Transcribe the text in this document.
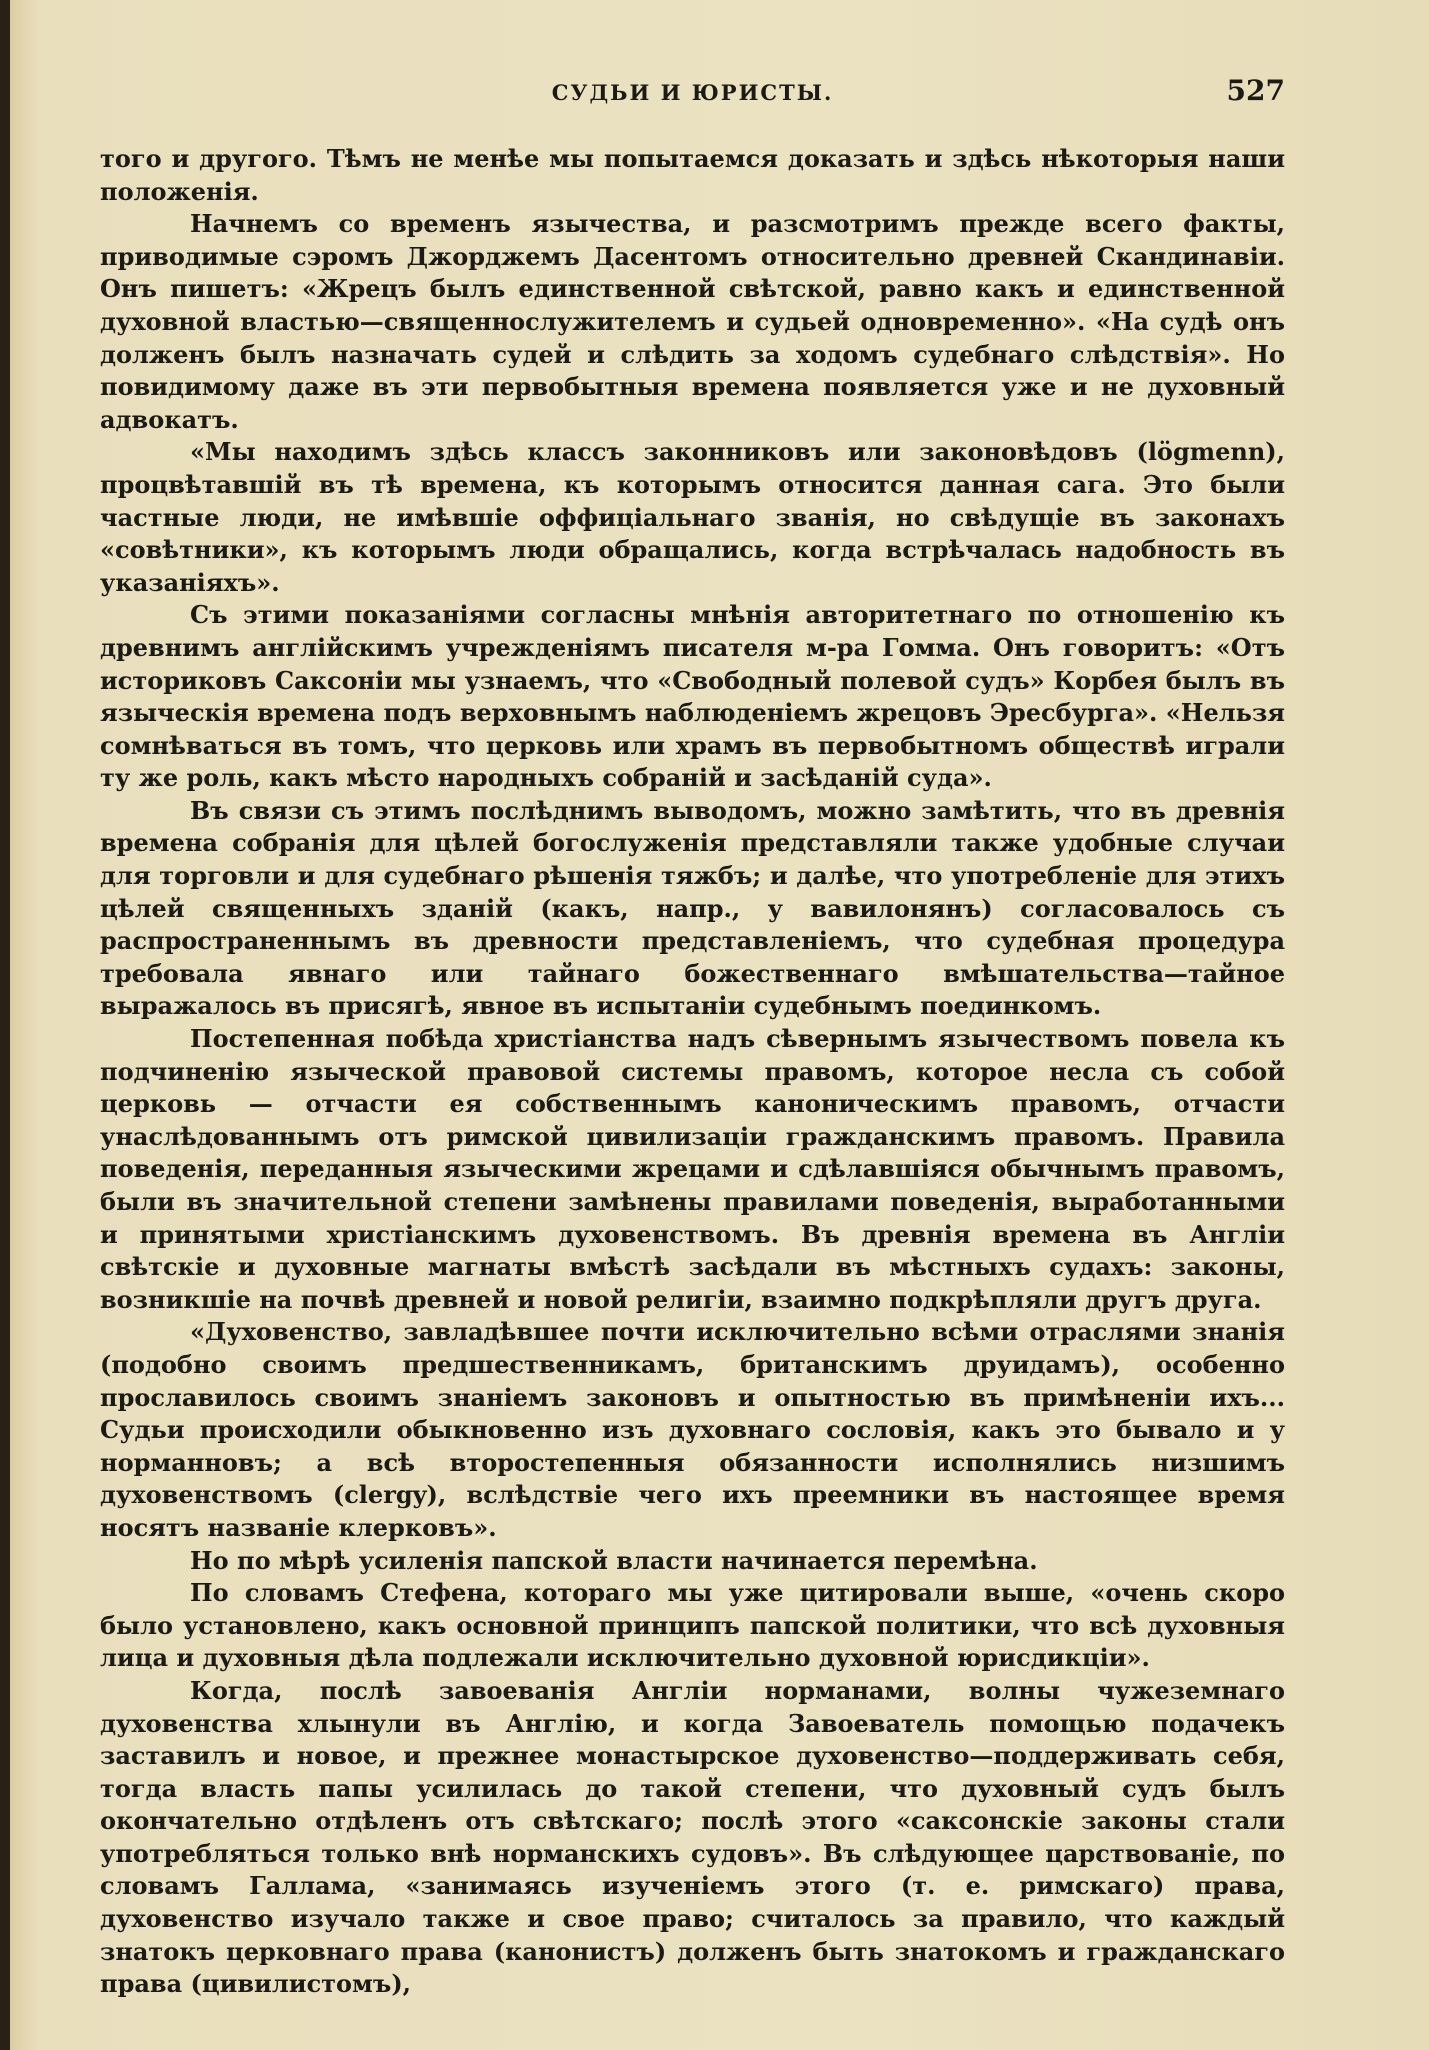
СУДЬИ И ЮРИСТЫ.	527

того и другого. Тѣмъ не менѣе мы попытаемся доказать и здѣсь нѣкоторыя наши положенія.

Начнемъ со временъ язычества, и разсмотримъ прежде всего факты, приводимые сэромъ Джорджемъ Дасентомъ относительно древней Скандинавіи. Онъ пишетъ: «Жрецъ былъ единственной свѣтской, равно какъ и единственной духовной властью—священнослужителемъ и судьей одновременно». «На судѣ онъ долженъ былъ назначать судей и слѣдить за ходомъ судебнаго слѣдствія». Но повидимому даже въ эти первобытныя времена появляется уже и не духовный адвокатъ.

«Мы находимъ здѣсь классъ законниковъ или законовѣдовъ (lögmenn), процвѣтавшій въ тѣ времена, къ которымъ относится данная сага. Это были частные люди, не имѣвшіе оффиціальнаго званія, но свѣдущіе въ законахъ «совѣтники», къ которымъ люди обращались, когда встрѣчалась надобность въ указаніяхъ».

Съ этими показаніями согласны мнѣнія авторитетнаго по отношенію къ древнимъ англійскимъ учрежденіямъ писателя м-ра Гомма. Онъ говоритъ: «Отъ историковъ Саксоніи мы узнаемъ, что «Свободный полевой судъ» Корбея былъ въ языческія времена подъ верховнымъ наблюденіемъ жрецовъ Эресбурга». «Нельзя сомнѣваться въ томъ, что церковь или храмъ въ первобытномъ обществѣ играли ту же роль, какъ мѣсто народныхъ собраній и засѣданій суда».

Въ связи съ этимъ послѣднимъ выводомъ, можно замѣтить, что въ древнія времена собранія для цѣлей богослуженія представляли также удобные случаи для торговли и для судебнаго рѣшенія тяжбъ; и далѣе, что употребленіе для этихъ цѣлей священныхъ зданій (какъ, напр., у вавилонянъ) согласовалось съ распространеннымъ въ древности представленіемъ, что судебная процедура требовала явнаго или тайнаго божественнаго вмѣшательства—тайное выражалось въ присягѣ, явное въ испытаніи судебнымъ поединкомъ.

Постепенная побѣда христіанства надъ сѣвернымъ язычествомъ повела къ подчиненію языческой правовой системы правомъ, которое несла съ собой церковь — отчасти ея собственнымъ каноническимъ правомъ, отчасти унаслѣдованнымъ отъ римской цивилизаціи гражданскимъ правомъ. Правила поведенія, переданныя языческими жрецами и сдѣлавшіяся обычнымъ правомъ, были въ значительной степени замѣнены правилами поведенія, выработанными и принятыми христіанскимъ духовенствомъ. Въ древнія времена въ Англіи свѣтскіе и духовные магнаты вмѣстѣ засѣдали въ мѣстныхъ судахъ: законы, возникшіе на почвѣ древней и новой религіи, взаимно подкрѣпляли другъ друга.

«Духовенство, завладѣвшее почти исключительно всѣми отраслями знанія (подобно своимъ предшественникамъ, бритaнскимъ друидамъ), особенно прославилось своимъ знаніемъ законовъ и опытностью въ примѣненіи ихъ... Судьи происходили обыкновенно изъ духовнаго сословія, какъ это бывало и у норманновъ; а всѣ второстепенныя обязанности исполнялись низшимъ духовенствомъ (clergy), вслѣдствіе чего ихъ преемники въ настоящее время носятъ названіе клерковъ».

Но по мѣрѣ усиленія папской власти начинается перемѣна.

По словамъ Стефена, котораго мы уже цитировали выше, «очень скоро было установлено, какъ основной принципъ папской политики, что всѣ духовныя лица и духовныя дѣла подлежали исключительно духовной юрисдикціи».

Когда, послѣ завоеванія Англіи норманами, волны чужеземнаго духовенства хлынули въ Англію, и когда Завоеватель помощью подачекъ заставилъ и новое, и прежнее монастырское духовенство—поддерживать себя, тогда власть папы усилилась до такой степени, что духовный судъ былъ окончательно отдѣленъ отъ свѣтскаго; послѣ этого «саксонскіе законы стали употребляться только внѣ норманскихъ судовъ». Въ слѣдующее царствованіе, по словамъ Галлама, «занимаясь изученіемъ этого (т. е. римскаго) права, духовенство изучало также и свое право; считалось за правило, что каждый знатокъ церковнаго права (канонистъ) долженъ быть знатокомъ и гражданскаго права (цивилистомъ),
